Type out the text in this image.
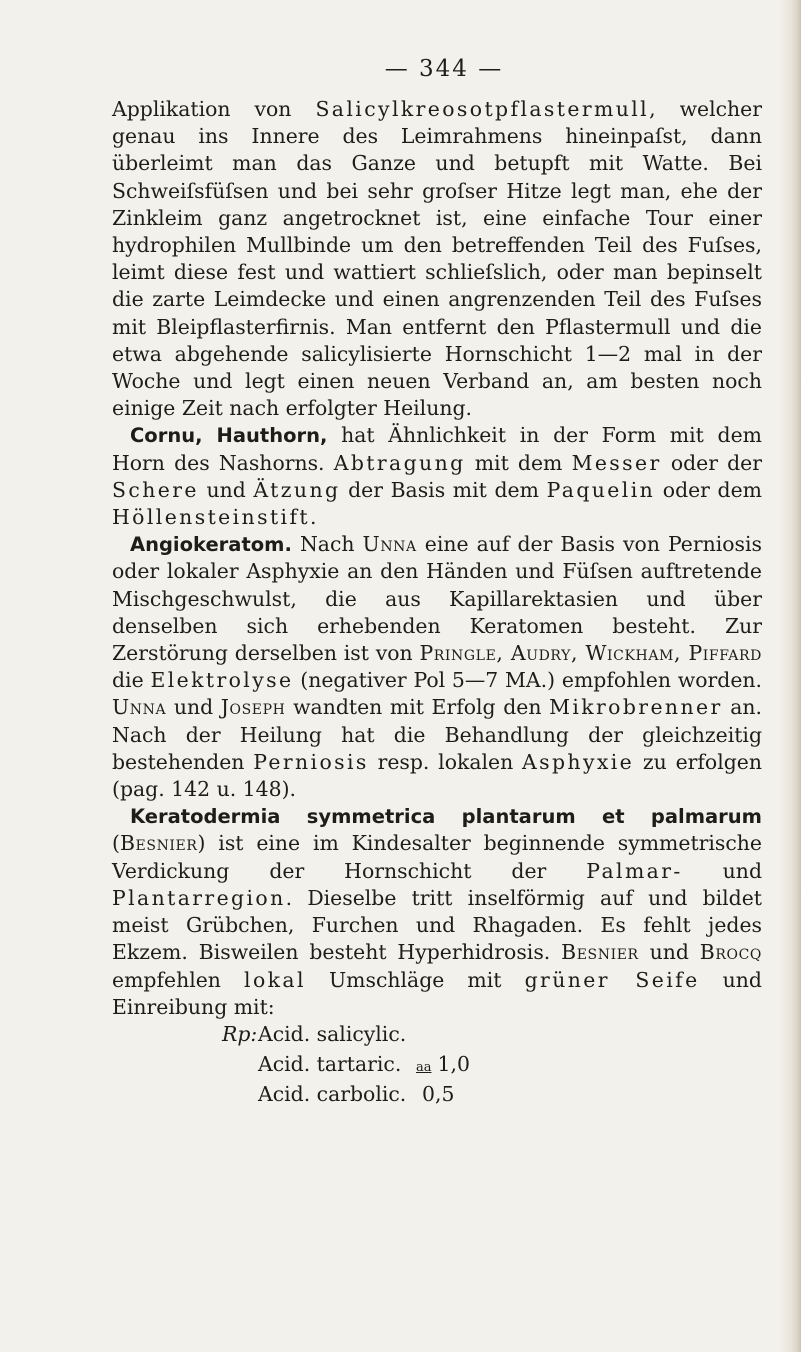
— 344 —

Applikation von Salicylkreosotpflastermull, welcher genau ins Innere des Leimrahmens hineinpaſst, dann überleimt man das Ganze und betupft mit Watte. Bei Schweiſsfüſsen und bei sehr groſser Hitze legt man, ehe der Zinkleim ganz angetrocknet ist, eine einfache Tour einer hydrophilen Mullbinde um den betreffenden Teil des Fuſses, leimt diese fest und wattiert schlieſslich, oder man bepinselt die zarte Leimdecke und einen angrenzenden Teil des Fuſses mit Bleipflasterfirnis. Man entfernt den Pflastermull und die etwa abgehende salicylisierte Hornschicht 1—2 mal in der Woche und legt einen neuen Verband an, am besten noch einige Zeit nach erfolgter Heilung.

Cornu, Hauthorn, hat Ähnlichkeit in der Form mit dem Horn des Nashorns. Abtragung mit dem Messer oder der Schere und Ätzung der Basis mit dem Paquelin oder dem Höllensteinstift.

Angiokeratom. Nach Unna eine auf der Basis von Perniosis oder lokaler Asphyxie an den Händen und Füſsen auftretende Mischgeschwulst, die aus Kapillarektasien und über denselben sich erhebenden Keratomen besteht. Zur Zerstörung derselben ist von Pringle, Audry, Wickham, Piffard die Elektrolyse (negativer Pol 5—7 MA.) empfohlen worden. Unna und Joseph wandten mit Erfolg den Mikrobrenner an. Nach der Heilung hat die Behandlung der gleichzeitig bestehenden Perniosis resp. lokalen Asphyxie zu erfolgen (pag. 142 u. 148).

Keratodermia symmetrica plantarum et palmarum (Besnier) ist eine im Kindesalter beginnende symmetrische Verdickung der Hornschicht der Palmar- und Plantarregion. Dieselbe tritt inselförmig auf und bildet meist Grübchen, Furchen und Rhagaden. Es fehlt jedes Ekzem. Bisweilen besteht Hyperhidrosis. Besnier und Brocq empfehlen lokal Umschläge mit grüner Seife und Einreibung mit:

Rp: Acid. salicylic.
Acid. tartaric.	aa 1,0
Acid. carbolic. 0,5
